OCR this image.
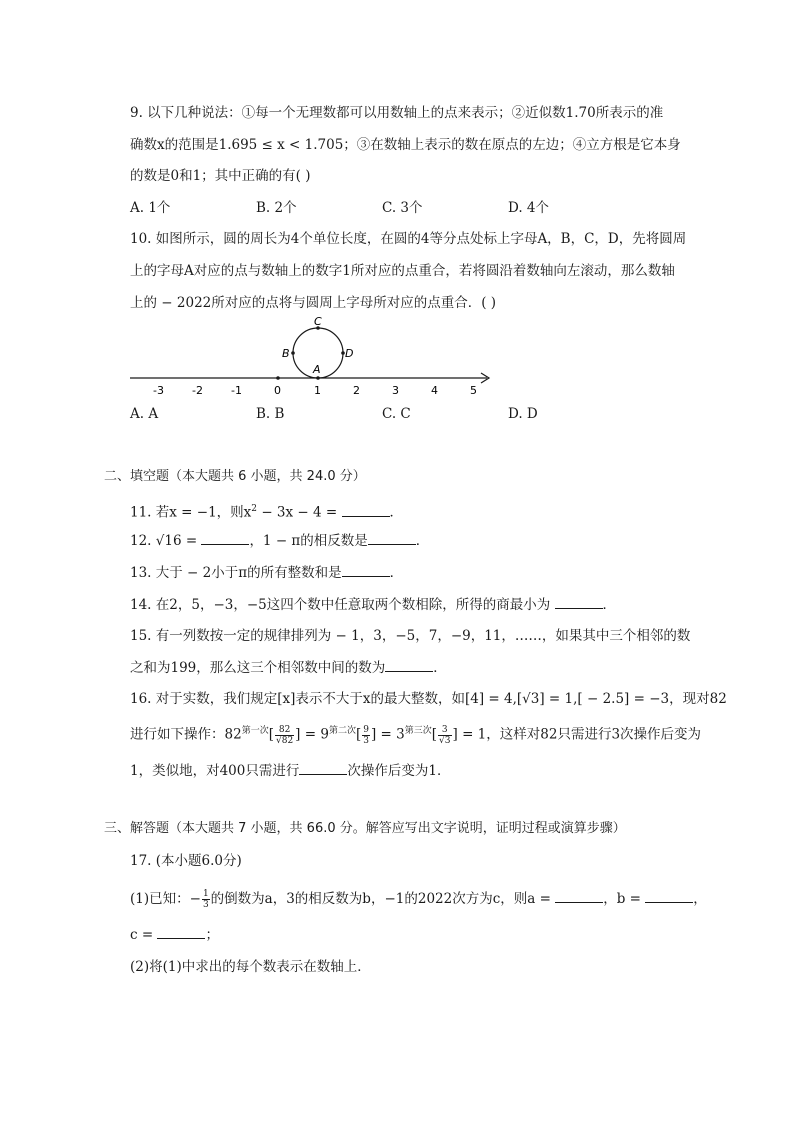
9. 以下几种说法：①每一个无理数都可以用数轴上的点来表示；②近似数1.70所表示的准
确数x的范围是1.695 ≤ x < 1.705；③在数轴上表示的数在原点的左边；④立方根是它本身
的数是0和1；其中正确的有( )
A. 1个	B. 2个	C. 3个	D. 4个
10. 如图所示，圆的周长为4个单位长度，在圆的4等分点处标上字母A，B，C，D，先将圆周
上的字母A对应的点与数轴上的数字1所对应的点重合，若将圆沿着数轴向左滚动，那么数轴
上的 − 2022所对应的点将与圆周上字母所对应的点重合．( )
C
B	D
A
-3	-2	-1	0	1	2	3	4	5
A. A	B. B	C. C	D. D
二、填空题（本大题共 6 小题，共 24.0 分）
11. 若x = −1，则$x^2 - 3x - 4$ =	．
12. √16 =	，1 − π的相反数是	．
13. 大于 − 2小于π的所有整数和是	．
14. 在2，5，−3，−5这四个数中任意取两个数相除，所得的商最小为	．
15. 有一列数按一定的规律排列为 − 1，3，−5，7，−9，11，……，如果其中三个相邻的数
之和为199，那么这三个相邻数中间的数为	．
16. 对于实数，我们规定[x]表示不大于x的最大整数，如[4] = 4,[√3] = 1,[ − 2.5] = −3，现对82
进行如下操作：$82^{第一次}[ \frac{82}{√82}$ ] = $9^{第二次}[ \frac{9}{3}$ ] = $3^{第三次}[ \frac{3}{√3}$ ] = 1，这样对82只需进行3次操作后变为
1，类似地，对400只需进行	次操作后变为1．
三、解答题（本大题共 7 小题，共 66.0 分。解答应写出文字说明，证明过程或演算步骤）
17. (本小题6.0分)
(1)已知：− $\frac{1}{3}$ 的倒数为a，3的相反数为b，−1的2022次方为c，则a =	，b =	，
c =	；
(2)将(1)中求出的每个数表示在数轴上．
